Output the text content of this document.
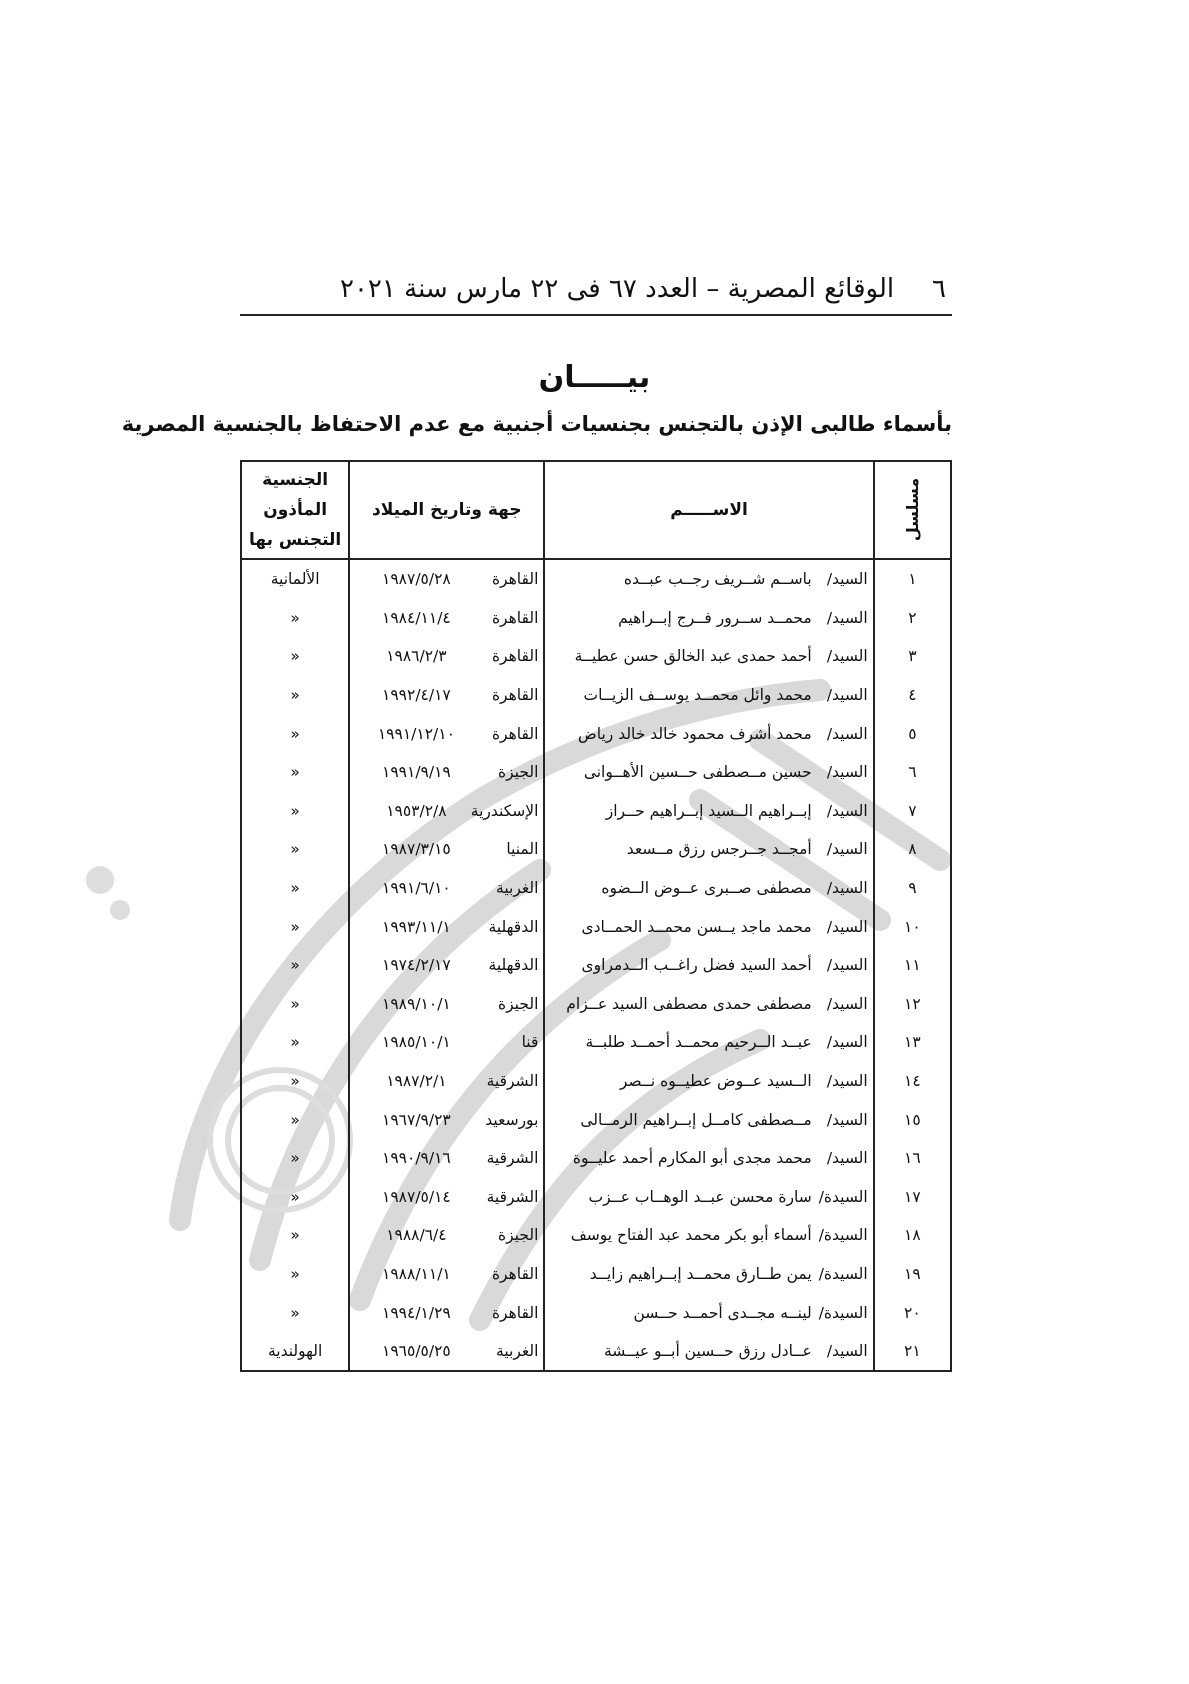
٦
الوقائع المصرية – العدد ٦٧ فى ٢٢ مارس سنة ٢٠٢١
بيـــــان
بأسماء طالبى الإذن بالتجنس بجنسيات أجنبية مع عدم الاحتفاظ بالجنسية المصرية
مسلسل	الاســـــم	جهة وتاريخ الميلاد	الجنسية المأذون
التجنس بها

١	السيد/باســم شــريف رجــب عبــده	القاهرة١٩٨٧/٥/٢٨	الألمانية
٢	السيد/محمــد ســرور فــرج إبــراهيم	القاهرة١٩٨٤/١١/٤	«
٣	السيد/أحمد حمدى عبد الخالق حسن عطيــة	القاهرة١٩٨٦/٢/٣	«
٤	السيد/محمد وائل محمــد يوســف الزيــات	القاهرة١٩٩٢/٤/١٧	«
٥	السيد/محمد أشرف محمود خالد خالد رياض	القاهرة١٩٩١/١٢/١٠	«
٦	السيد/حسين مــصطفى حــسين الأهــوانى	الجيزة١٩٩١/٩/١٩	«
٧	السيد/إبــراهيم الــسيد إبــراهيم حــراز	الإسكندرية١٩٥٣/٢/٨	«
٨	السيد/أمجــد جــرجس رزق مــسعد	المنيا١٩٨٧/٣/١٥	«
٩	السيد/مصطفى صــبرى عــوض الــضوه	الغربية١٩٩١/٦/١٠	«
١٠	السيد/محمد ماجد يــسن محمــد الحمــادى	الدقهلية١٩٩٣/١١/١	«
١١	السيد/أحمد السيد فضل راغــب الــدمراوى	الدقهلية١٩٧٤/٢/١٧	«
١٢	السيد/مصطفى حمدى مصطفى السيد عــزام	الجيزة١٩٨٩/١٠/١	«
١٣	السيد/عبــد الــرحيم محمــد أحمــد طلبــة	قنا١٩٨٥/١٠/١	«
١٤	السيد/الــسيد عــوض عطيــوه نــصر	الشرقية١٩٨٧/٢/١	«
١٥	السيد/مــصطفى كامــل إبــراهيم الرمــالى	بورسعيد١٩٦٧/٩/٢٣	«
١٦	السيد/محمد مجدى أبو المكارم أحمد عليــوة	الشرقية١٩٩٠/٩/١٦	«
١٧	السيدة/سارة محسن عبــد الوهــاب عــزب	الشرقية١٩٨٧/٥/١٤	«
١٨	السيدة/أسماء أبو بكر محمد عبد الفتاح يوسف	الجيزة١٩٨٨/٦/٤	«
١٩	السيدة/يمن طــارق محمــد إبــراهيم زايــد	القاهرة١٩٨٨/١١/١	«
٢٠	السيدة/لينــه مجــدى أحمــد حــسن	القاهرة١٩٩٤/١/٢٩	«
٢١	السيد/عــادل رزق حــسين أبــو عيــشة	الغربية١٩٦٥/٥/٢٥	الهولندية
